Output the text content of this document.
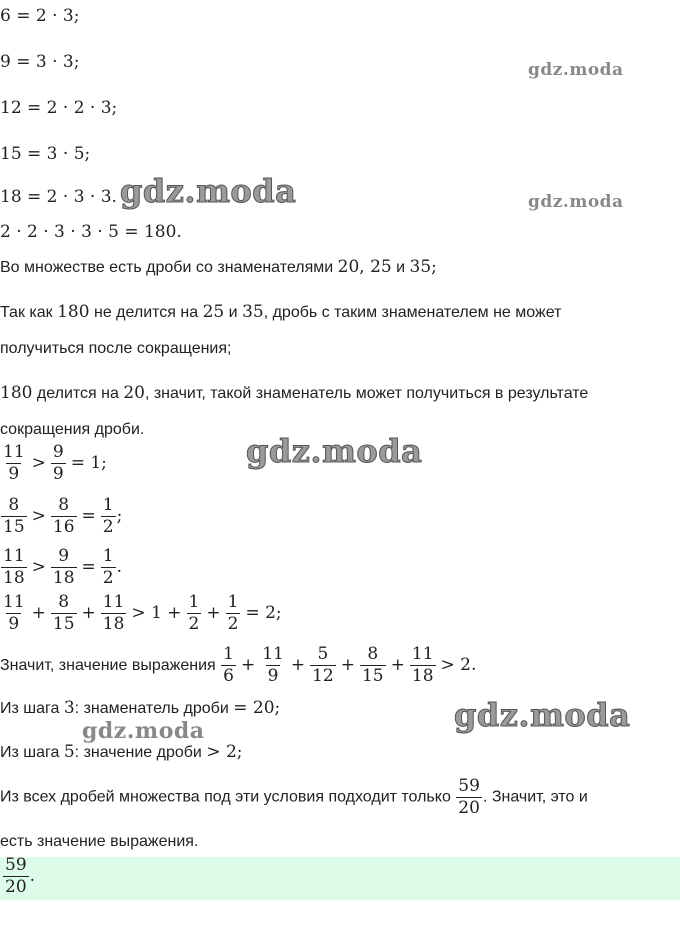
6 = 2 · 3;
9 = 3 · 3;
12 = 2 · 2 · 3;
15 = 3 · 5;
18 = 2 · 3 · 3.
2 · 2 · 3 · 3 · 5 = 180.
Во множестве есть дроби со знаменателями 20, 25 и 35;
Так как 180 не делится на 25 и 35, дробь с таким знаменателем не может
получиться после сокращения;
180 делится на 20, значит, такой знаменатель может получиться в результате
сокращения дроби.
$\frac{11}{9} > \frac{9}{9} = 1$;
$\frac{8}{15} > \frac{8}{16} = \frac{1}{2}$ ;
$\frac{11}{18} > \frac{9}{18} = \frac{1}{2}$ .
$\frac{11}{9} + \frac{8}{15} + \frac{11}{18} > 1 + \frac{1}{2} + \frac{1}{2} = 2$;
Значит, значение выражения $\frac{1}{6} + \frac{11}{9} + \frac{5}{12} + \frac{8}{15} + \frac{11}{18} > 2$.
Из шага 3: знаменатель дроби = 20;
Из шага 5: значение дроби > 2;
Из всех дробей множества под эти условия подходит только $\frac{59}{20}$ . Значит, это и
есть значение выражения.
$\frac{59}{20}$ .
gdz.moda
gdz.moda	gdz.moda
gdz.moda
gdz.moda
gdz.moda
